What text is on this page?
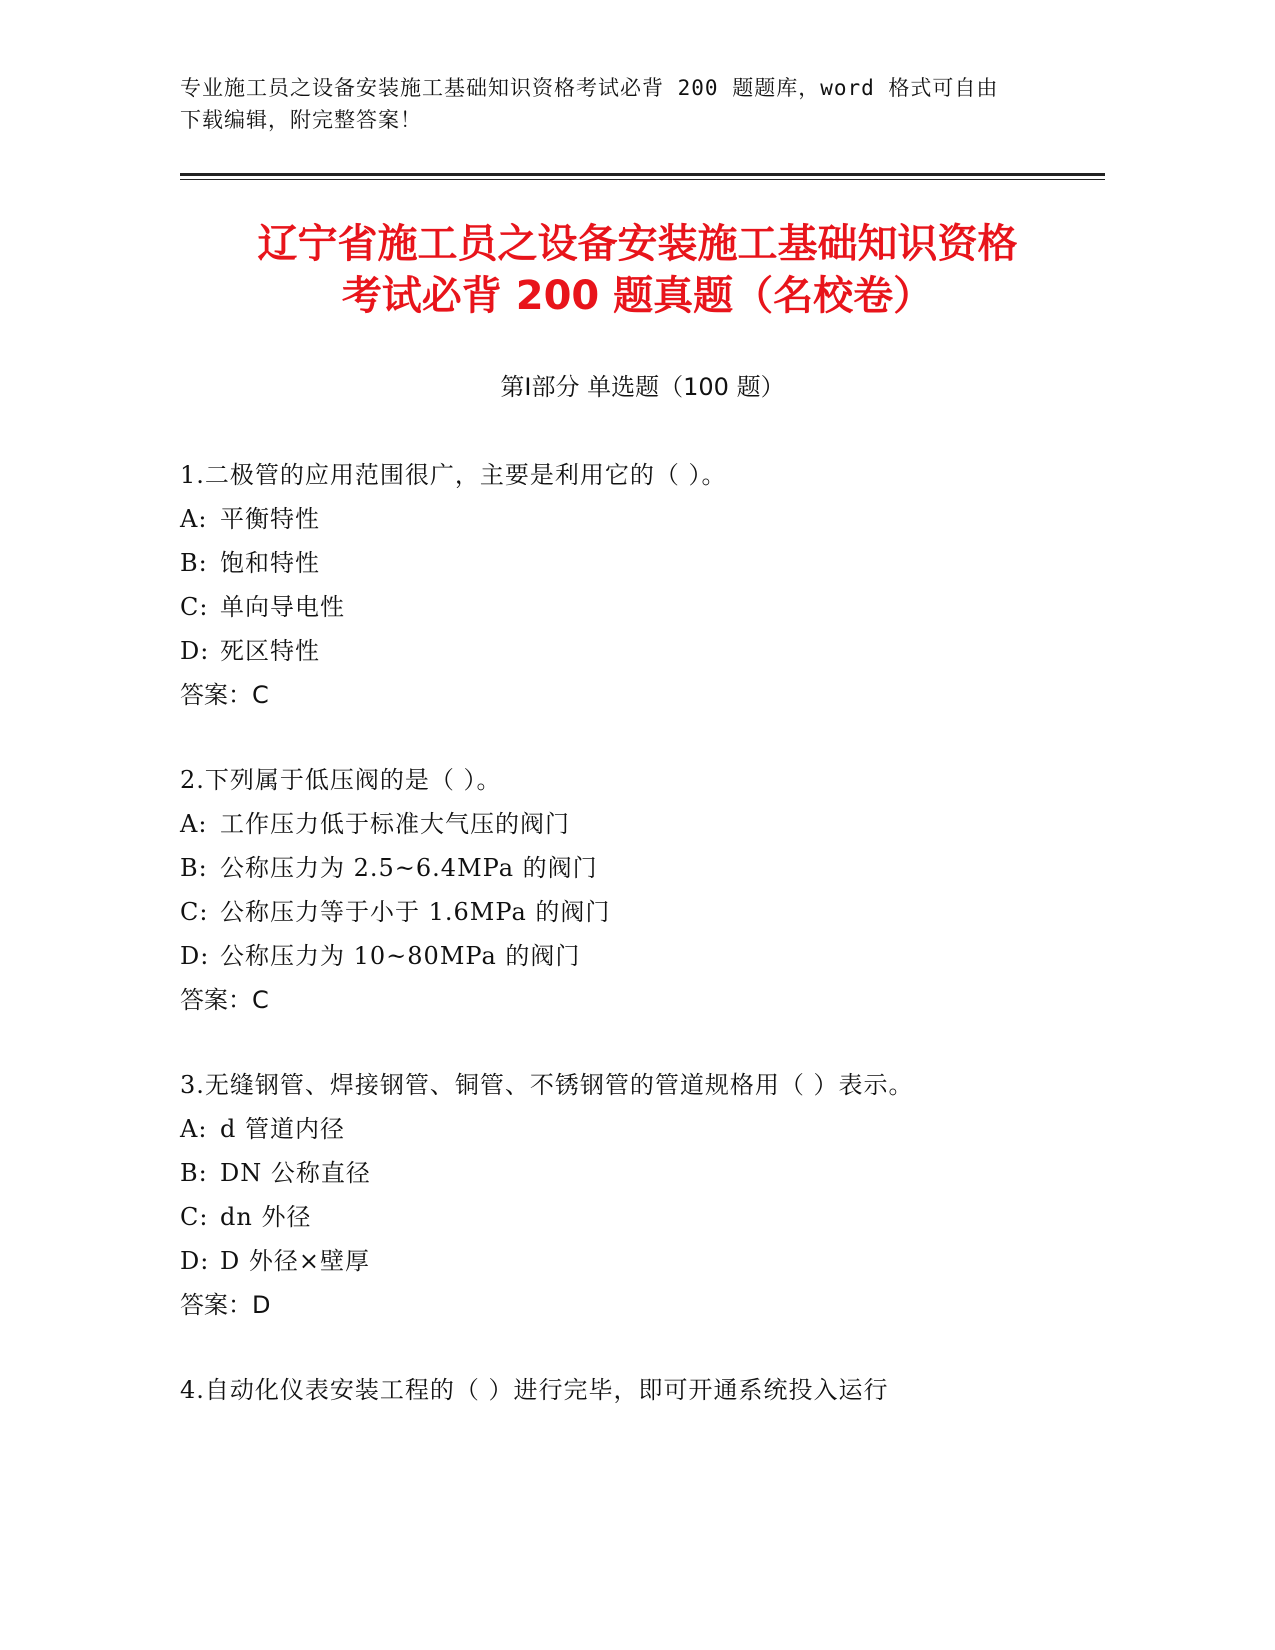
专业施工员之设备安装施工基础知识资格考试必背 200 题题库，word 格式可自由
下载编辑，附完整答案！
辽宁省施工员之设备安装施工基础知识资格
考试必背 200 题真题（名校卷）
第Ⅰ部分 单选题（100 题）
1.二极管的应用范围很广，主要是利用它的（ ）。
A: 平衡特性
B: 饱和特性
C: 单向导电性
D: 死区特性
答案：C
2.下列属于低压阀的是（ ）。
A: 工作压力低于标准大气压的阀门
B: 公称压力为 2.5~6.4MPa 的阀门
C: 公称压力等于小于 1.6MPa 的阀门
D: 公称压力为 10~80MPa 的阀门
答案：C
3.无缝钢管、焊接钢管、铜管、不锈钢管的管道规格用（ ）表示。
A: d 管道内径
B: DN 公称直径
C: dn 外径
D: D 外径×壁厚
答案：D
4.自动化仪表安装工程的（ ）进行完毕，即可开通系统投入运行
